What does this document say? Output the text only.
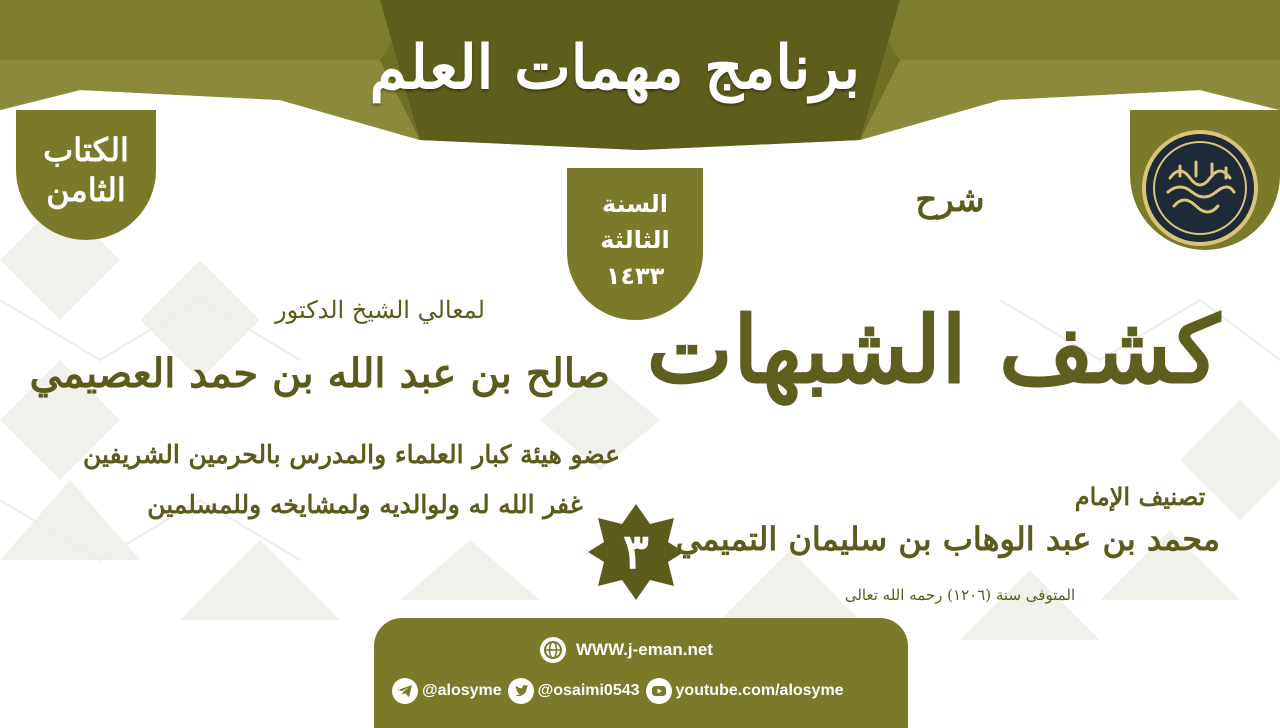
برنامج مهمات العلم
الكتاب
الثامن	السنة
الثالثة
١٤٣٣
شرح
كشف الشبهات
تصنيف الإمام
محمد بن عبد الوهاب بن سليمان التميمي
المتوفى سنة (١٢٠٦) رحمه الله تعالى
لمعالي الشيخ الدكتور
صالح بن عبد الله بن حمد العصيمي
عضو هيئة كبار العلماء والمدرس بالحرمين الشريفين
غفر الله له ولوالديه ولمشايخه وللمسلمين
٣
WWW.j-eman.net
@alosyme @osaimi0543 youtube.com/alosyme
